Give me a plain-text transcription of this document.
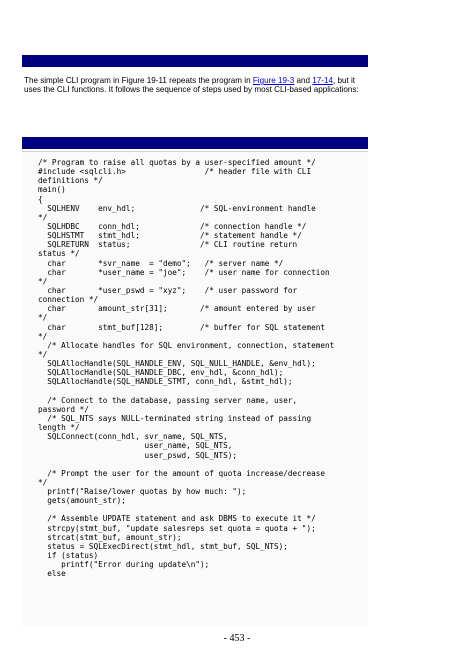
The simple CLI program in Figure 19-11 repeats the program in Figure 19-3 and 17-14, but it uses the CLI functions. It follows the sequence of steps used by most CLI-based applications:

/* Program to raise all quotas by a user-specified amount */
#include <sqlcli.h>                 /* header file with CLI
definitions */
main()
{
SQLHENV    env_hdl;              /* SQL-environment handle
*/
SQLHDBC    conn_hdl;             /* connection handle */
SQLHSTMT   stmt_hdl;             /* statement handle */
SQLRETURN  status;               /* CLI routine return
status */
char       *svr_name  = "demo";   /* server name */
char       *user_name = "joe";    /* user name for connection
*/
char       *user_pswd = "xyz";    /* user password for
connection */
char       amount_str[31];       /* amount entered by user
*/
char       stmt_buf[128];        /* buffer for SQL statement
*/
/* Allocate handles for SQL environment, connection, statement
*/
SQLAllocHandle(SQL_HANDLE_ENV, SQL_NULL_HANDLE, &env_hdl);
SQLAllocHandle(SQL_HANDLE_DBC, env_hdl, &conn_hdl);
SQLAllocHandle(SQL_HANDLE_STMT, conn_hdl, &stmt_hdl);
/* Connect to the database, passing server name, user,
password */
/* SQL_NTS says NULL-terminated string instead of passing
length */
SQLConnect(conn_hdl, svr_name, SQL_NTS,
user_name, SQL_NTS,
user_pswd, SQL_NTS);
/* Prompt the user for the amount of quota increase/decrease
*/
printf("Raise/lower quotas by how much: ");
gets(amount_str);
/* Assemble UPDATE statement and ask DBMS to execute it */
strcpy(stmt_buf, "update salesreps set quota = quota + ");
strcat(stmt_buf, amount_str);
status = SQLExecDirect(stmt_hdl, stmt_buf, SQL_NTS);
if (status)
printf("Error during update\n");
else
- 453 -
